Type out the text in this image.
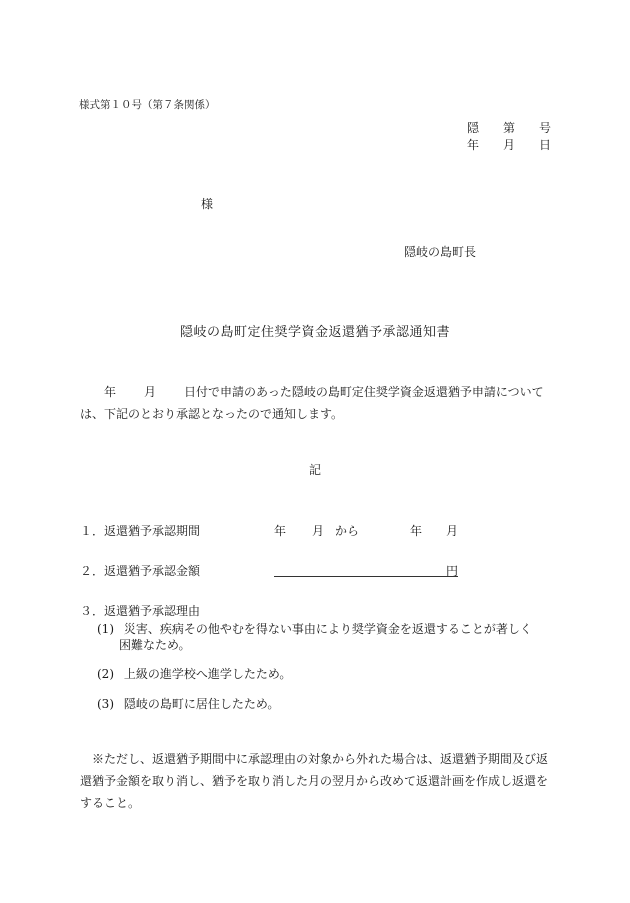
様式第１０号（第７条関係）
隠 第 号
年 月 日
様
隠岐の島町長
隠岐の島町定住奨学資金返還猶予承認通知書
年 月 日付で申請のあった隠岐の島町定住奨学資金返還猶予申請については、下記のとおり承認となったので通知します。
記
１． 返還猶予承認期間	年 月 から	年 月
２． 返還猶予承認金額	円
３． 返還猶予承認理由
(1) 災害、疾病その他やむを得ない事由により奨学資金を返還することが著しく
困難なため。
(2) 上級の進学校へ進学したため。
(3) 隠岐の島町に居住したため。
※ただし、返還猶予期間中に承認理由の対象から外れた場合は、返還猶予期間及び返還猶予金額を取り消し、猶予を取り消した月の翌月から改めて返還計画を作成し返還をすること。
